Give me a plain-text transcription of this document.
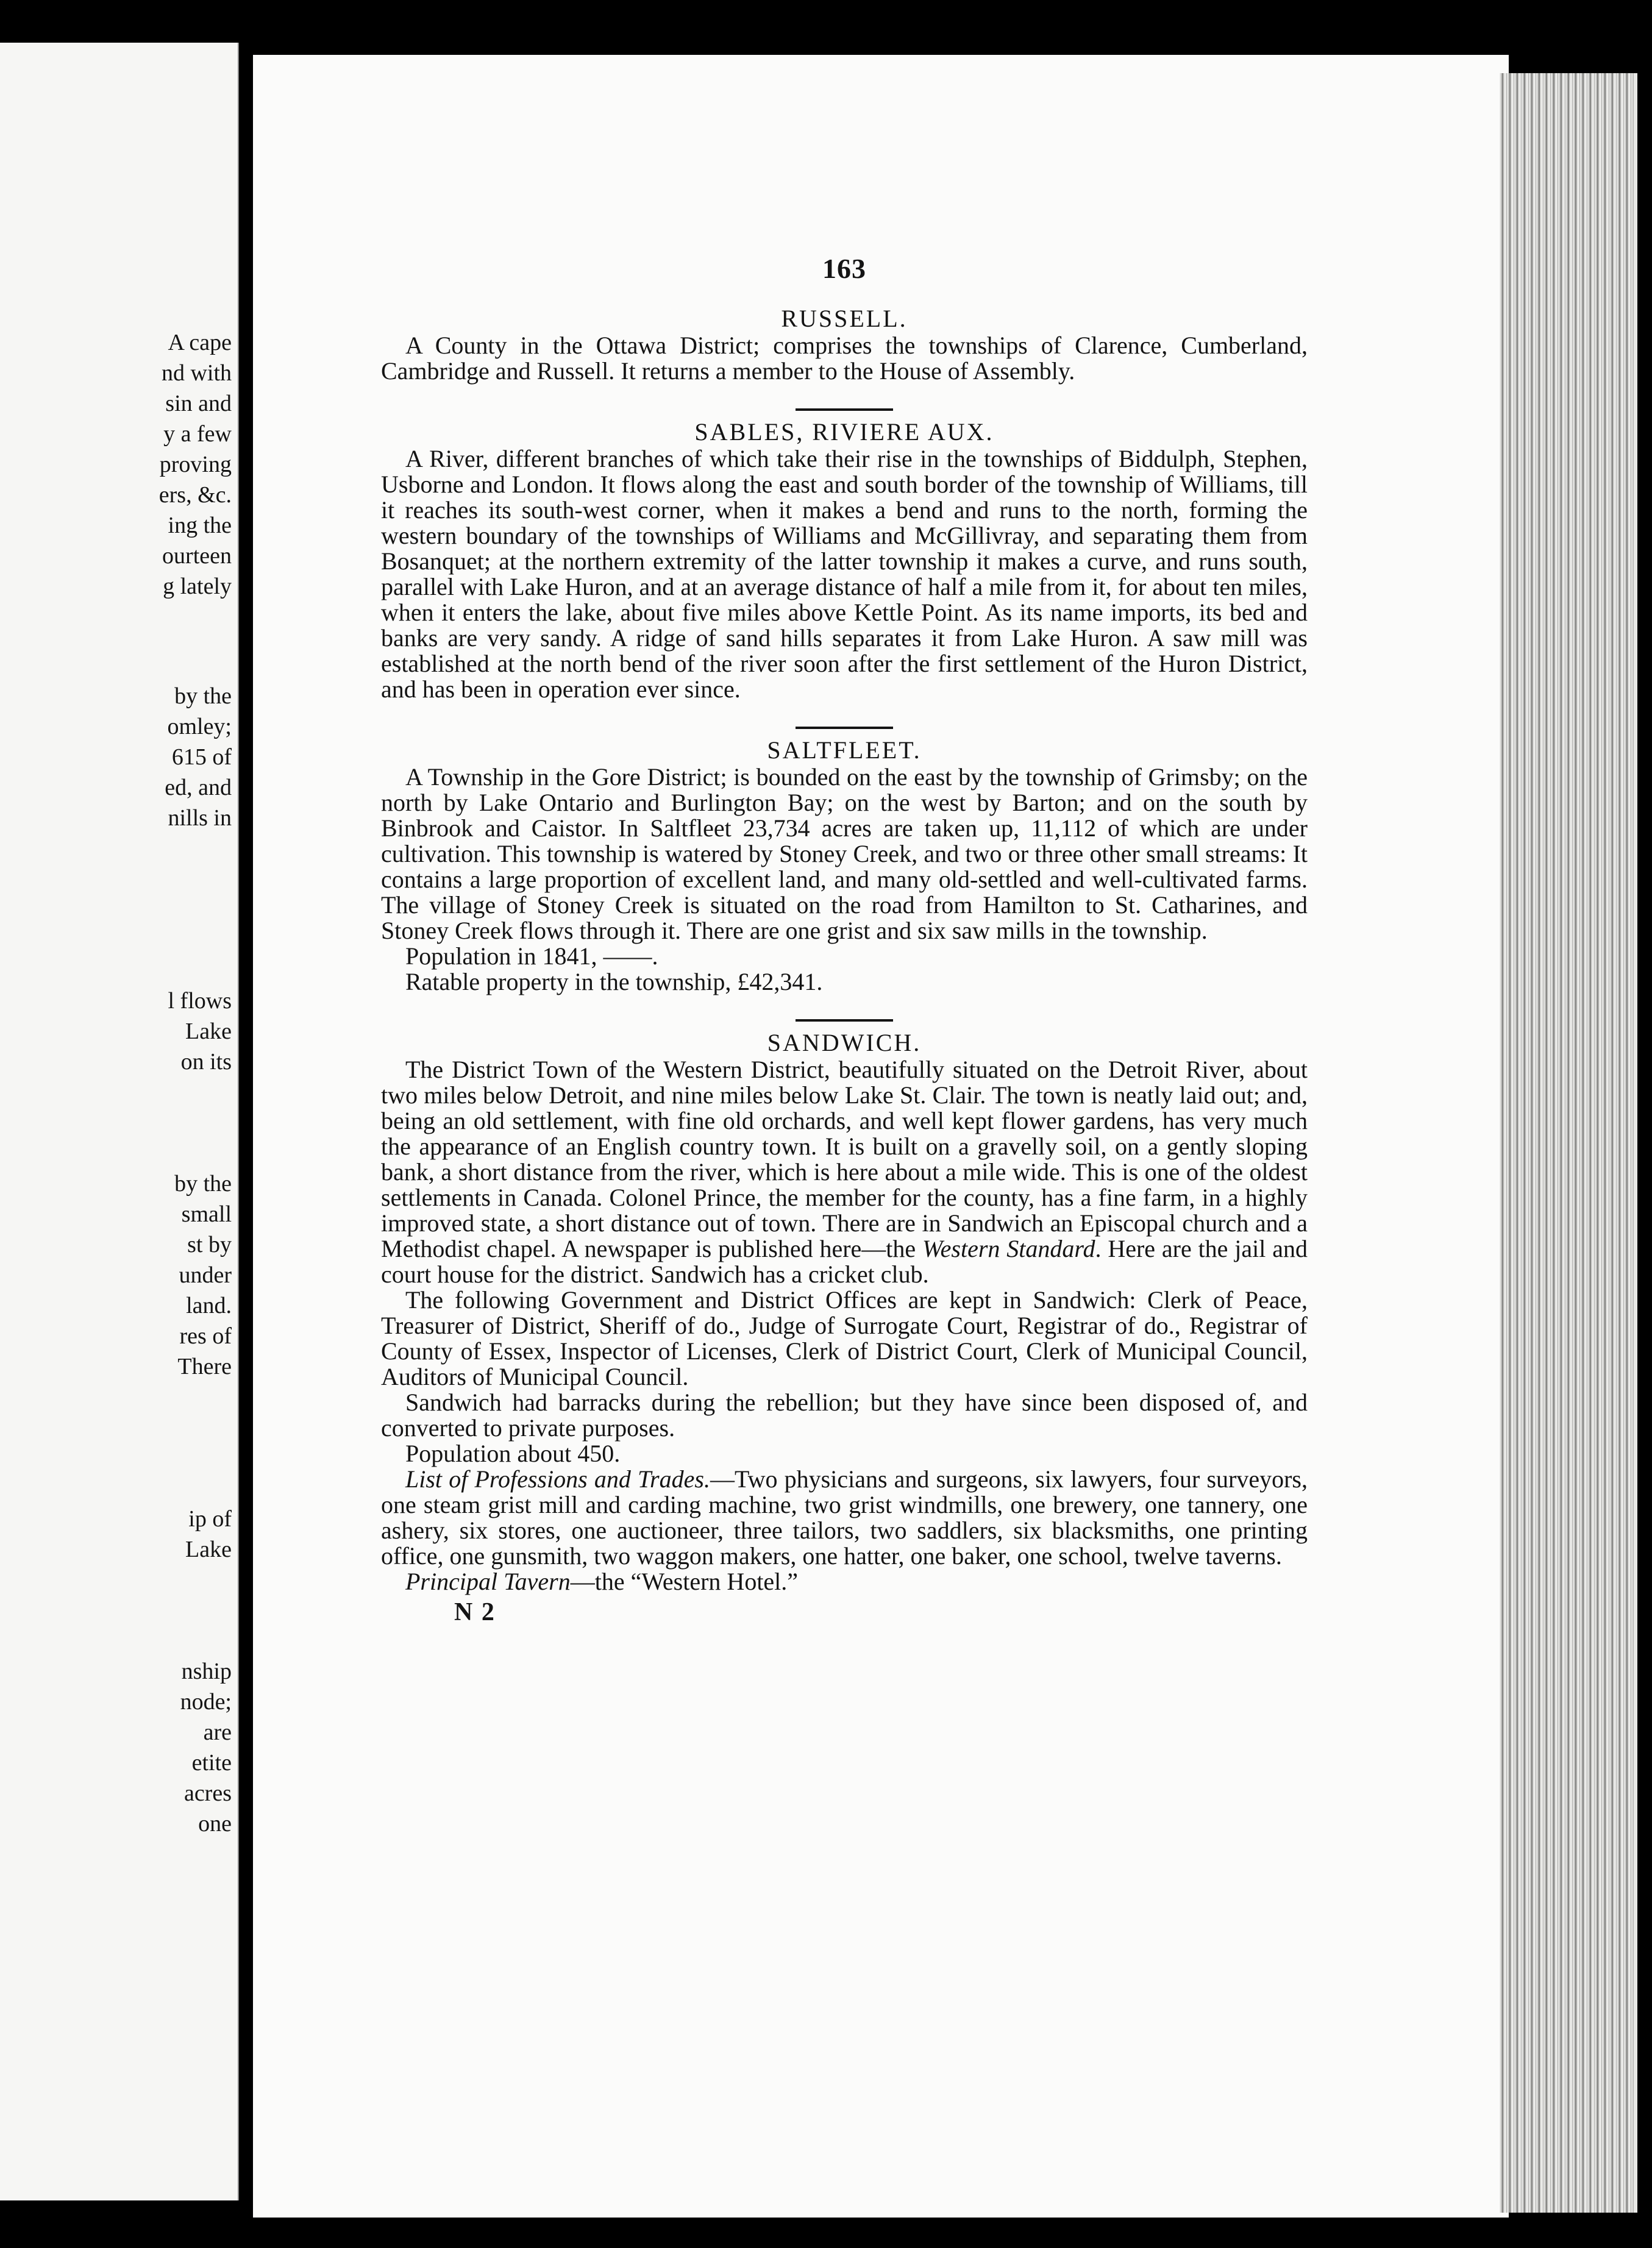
A cape
nd with
sin and
y a few
proving
ers, &c.
ing the
ourteen
g lately
by the
omley;
615 of
ed, and
nills in
l flows
Lake
on its
by the
small
st by
under
land.
res of
There
ip of
Lake
nship
node;
are
etite
acres
one
163
RUSSELL.

A County in the Ottawa District; comprises the townships of Clarence, Cumberland, Cambridge and Russell. It returns a member to the House of Assembly.

SABLES, RIVIERE AUX.

A River, different branches of which take their rise in the townships of Biddulph, Stephen, Usborne and London. It flows along the east and south border of the township of Williams, till it reaches its south-west corner, when it makes a bend and runs to the north, forming the western boundary of the townships of Williams and McGillivray, and separating them from Bosanquet; at the northern extremity of the latter township it makes a curve, and runs south, parallel with Lake Huron, and at an average distance of half a mile from it, for about ten miles, when it enters the lake, about five miles above Kettle Point. As its name imports, its bed and banks are very sandy. A ridge of sand hills separates it from Lake Huron. A saw mill was established at the north bend of the river soon after the first settlement of the Huron District, and has been in operation ever since.

SALTFLEET.

A Township in the Gore District; is bounded on the east by the township of Grimsby; on the north by Lake Ontario and Burlington Bay; on the west by Barton; and on the south by Binbrook and Caistor. In Saltfleet 23,734 acres are taken up, 11,112 of which are under cultivation. This township is watered by Stoney Creek, and two or three other small streams: It contains a large proportion of excellent land, and many old-settled and well-cultivated farms. The village of Stoney Creek is situated on the road from Hamilton to St. Catharines, and Stoney Creek flows through it. There are one grist and six saw mills in the township.

Population in 1841, ——.

Ratable property in the township, £42,341.

SANDWICH.

The District Town of the Western District, beautifully situated on the Detroit River, about two miles below Detroit, and nine miles below Lake St. Clair. The town is neatly laid out; and, being an old settlement, with fine old orchards, and well kept flower gardens, has very much the appearance of an English country town. It is built on a gravelly soil, on a gently sloping bank, a short distance from the river, which is here about a mile wide. This is one of the oldest settlements in Canada. Colonel Prince, the member for the county, has a fine farm, in a highly improved state, a short distance out of town. There are in Sandwich an Episcopal church and a Methodist chapel. A newspaper is published here—the Western Standard. Here are the jail and court house for the district. Sandwich has a cricket club.

The following Government and District Offices are kept in Sandwich: Clerk of Peace, Treasurer of District, Sheriff of do., Judge of Surrogate Court, Registrar of do., Registrar of County of Essex, Inspector of Licenses, Clerk of District Court, Clerk of Municipal Council, Auditors of Municipal Council.

Sandwich had barracks during the rebellion; but they have since been disposed of, and converted to private purposes.

Population about 450.

List of Professions and Trades.—Two physicians and surgeons, six lawyers, four surveyors, one steam grist mill and carding machine, two grist windmills, one brewery, one tannery, one ashery, six stores, one auctioneer, three tailors, two saddlers, six blacksmiths, one printing office, one gunsmith, two waggon makers, one hatter, one baker, one school, twelve taverns.

Principal Tavern—the “Western Hotel.”

N 2
